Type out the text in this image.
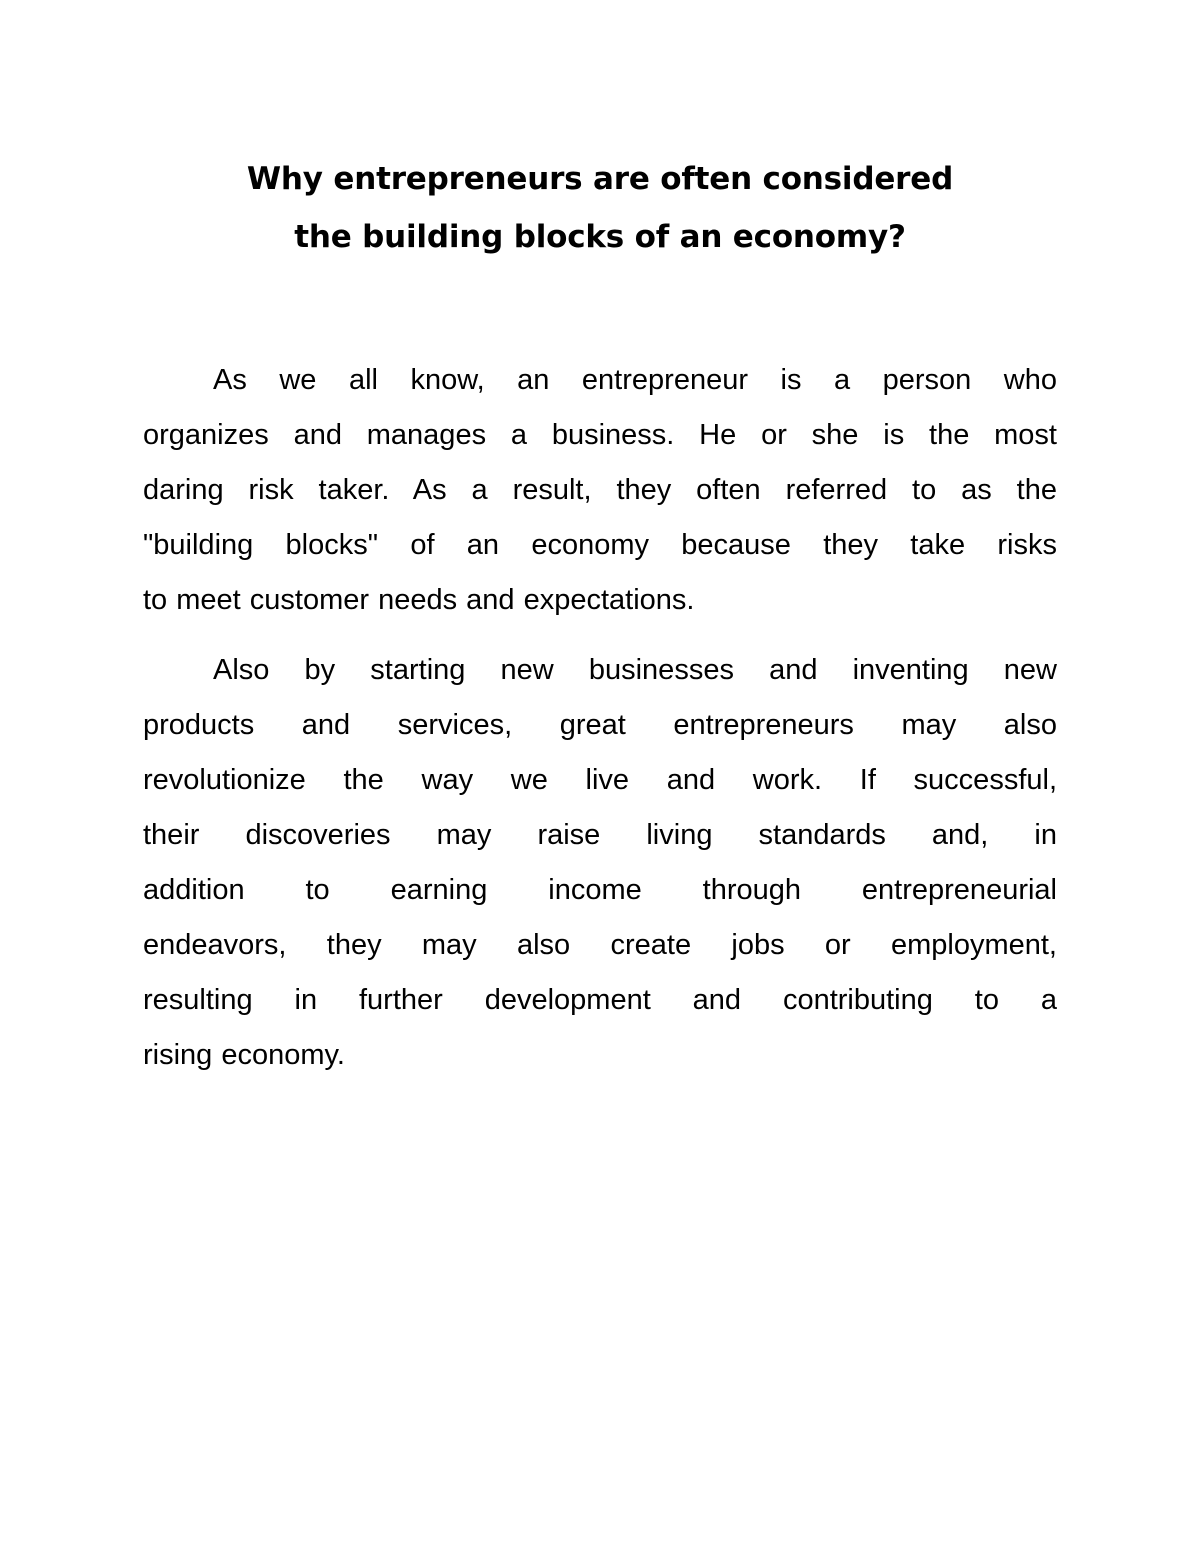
Why entrepreneurs are often considered
the building blocks of an economy?

As we all know, an entrepreneur is a person who
organizes and manages a business. He or she is the most
daring risk taker. As a result, they often referred to as the
"building blocks" of an economy because they take risks
to meet customer needs and expectations.

Also by starting new businesses and inventing new
products and services, great entrepreneurs may also
revolutionize the way we live and work. If successful,
their discoveries may raise living standards and, in
addition to earning income through entrepreneurial
endeavors, they may also create jobs or employment,
resulting in further development and contributing to a
rising economy.
